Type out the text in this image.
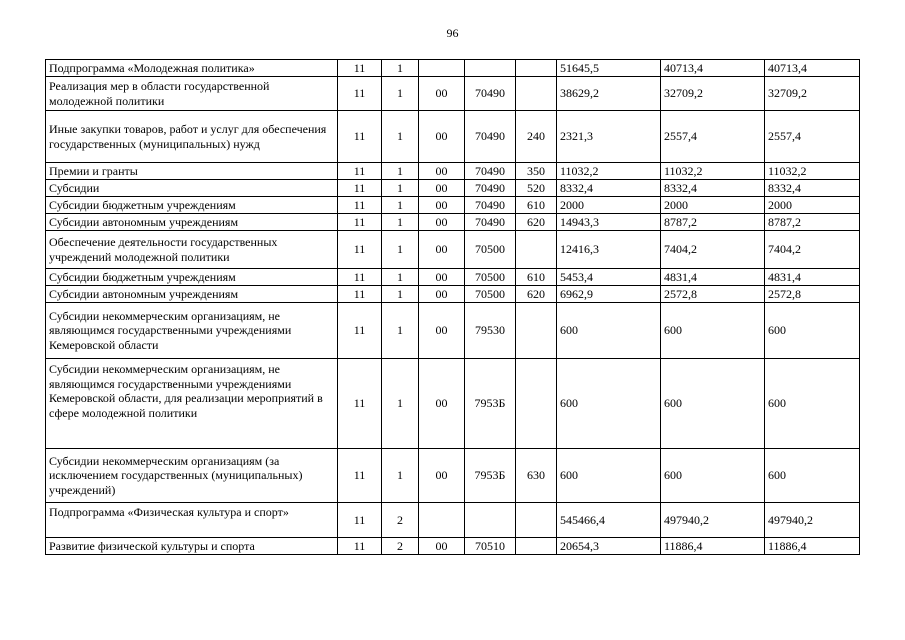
96
Подпрограмма «Молодежная политика»	11	1				51645,5	40713,4	40713,4
Реализация мер в области государственной молодежной политики	11	1	00	70490		38629,2	32709,2	32709,2
Иные закупки товаров, работ и услуг для обеспечения государственных (муниципальных) нужд	11	1	00	70490	240	2321,3	2557,4	2557,4
Премии и гранты	11	1	00	70490	350	11032,2	11032,2	11032,2
Субсидии	11	1	00	70490	520	8332,4	8332,4	8332,4
Субсидии бюджетным учреждениям	11	1	00	70490	610	2000	2000	2000
Субсидии автономным учреждениям	11	1	00	70490	620	14943,3	8787,2	8787,2
Обеспечение деятельности государственных учреждений молодежной политики	11	1	00	70500		12416,3	7404,2	7404,2
Субсидии бюджетным учреждениям	11	1	00	70500	610	5453,4	4831,4	4831,4
Субсидии автономным учреждениям	11	1	00	70500	620	6962,9	2572,8	2572,8
Субсидии некоммерческим организациям, не являющимся государственными учреждениями Кемеровской области	11	1	00	79530		600	600	600
Субсидии некоммерческим организациям, не являющимся государственными учреждениями Кемеровской области, для реализации мероприятий в сфере молодежной политики	11	1	00	7953Б		600	600	600
Субсидии некоммерческим организациям (за исключением государственных (муниципальных) учреждений)	11	1	00	7953Б	630	600	600	600
Подпрограмма «Физическая культура и спорт»	11	2				545466,4	497940,2	497940,2
Развитие физической культуры и спорта	11	2	00	70510		20654,3	11886,4	11886,4
